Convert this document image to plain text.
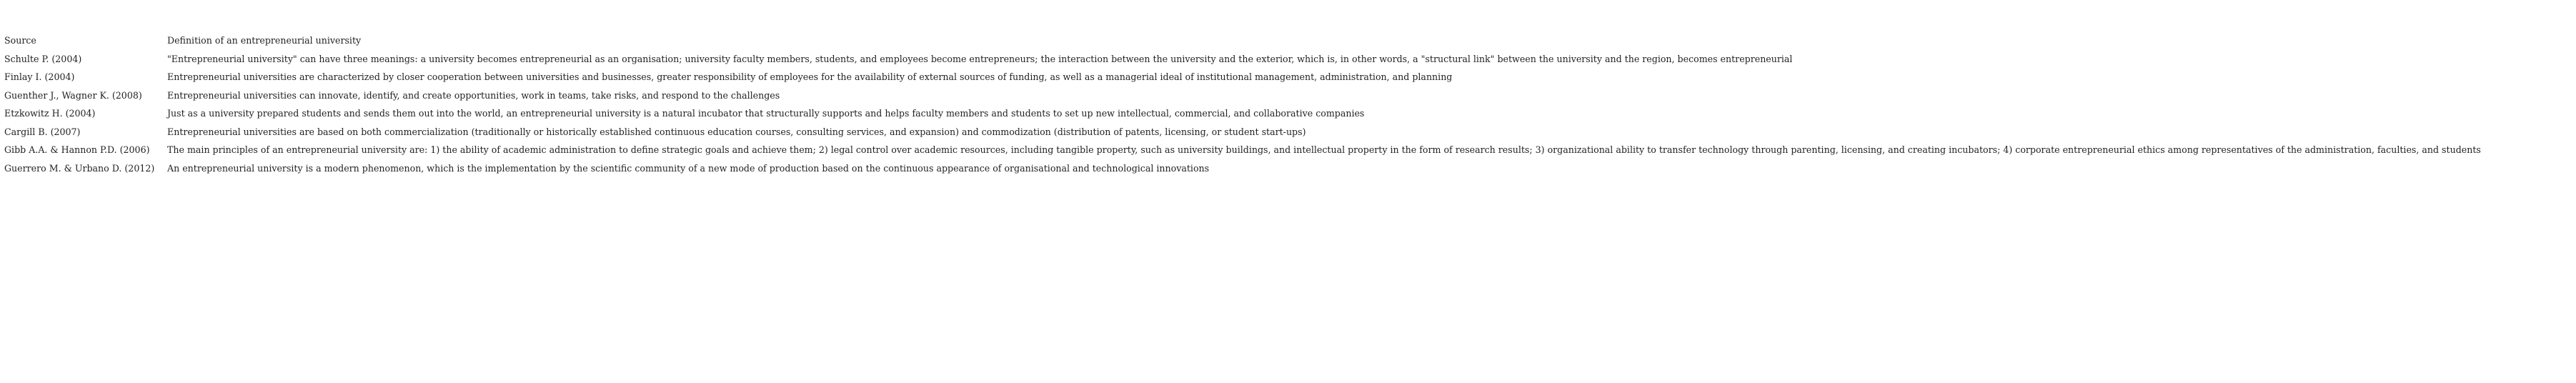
Source	Definition of an entrepreneurial university
Schulte P. (2004)	"Entrepreneurial university" can have three meanings: a university becomes entrepreneurial as an organisation; university faculty members, students, and employees become entrepreneurs; the interaction between the university and the exterior, which is, in other words, a "structural link" between the university and the region, becomes entrepreneurial
Finlay I. (2004)	Entrepreneurial universities are characterized by closer cooperation between universities and businesses, greater responsibility of employees for the availability of external sources of funding, as well as a managerial ideal of institutional management, administration, and planning
Guenther J., Wagner K. (2008)	Entrepreneurial universities can innovate, identify, and create opportunities, work in teams, take risks, and respond to the challenges
Etzkowitz H. (2004)	Just as a university prepared students and sends them out into the world, an entrepreneurial university is a natural incubator that structurally supports and helps faculty members and students to set up new intellectual, commercial, and collaborative companies
Cargill B. (2007)	Entrepreneurial universities are based on both commercialization (traditionally or historically established continuous education courses, consulting services, and expansion) and commodization (distribution of patents, licensing, or student start-ups)
Gibb A.A. & Hannon P.D. (2006)	The main principles of an entrepreneurial university are: 1) the ability of academic administration to define strategic goals and achieve them; 2) legal control over academic resources, including tangible property, such as university buildings, and intellectual property in the form of research results; 3) organizational ability to transfer technology through parenting, licensing, and creating incubators; 4) corporate entrepreneurial ethics among representatives of the administration, faculties, and students
Guerrero M. & Urbano D. (2012)	An entrepreneurial university is a modern phenomenon, which is the implementation by the scientific community of a new mode of production based on the continuous appearance of organisational and technological innovations
